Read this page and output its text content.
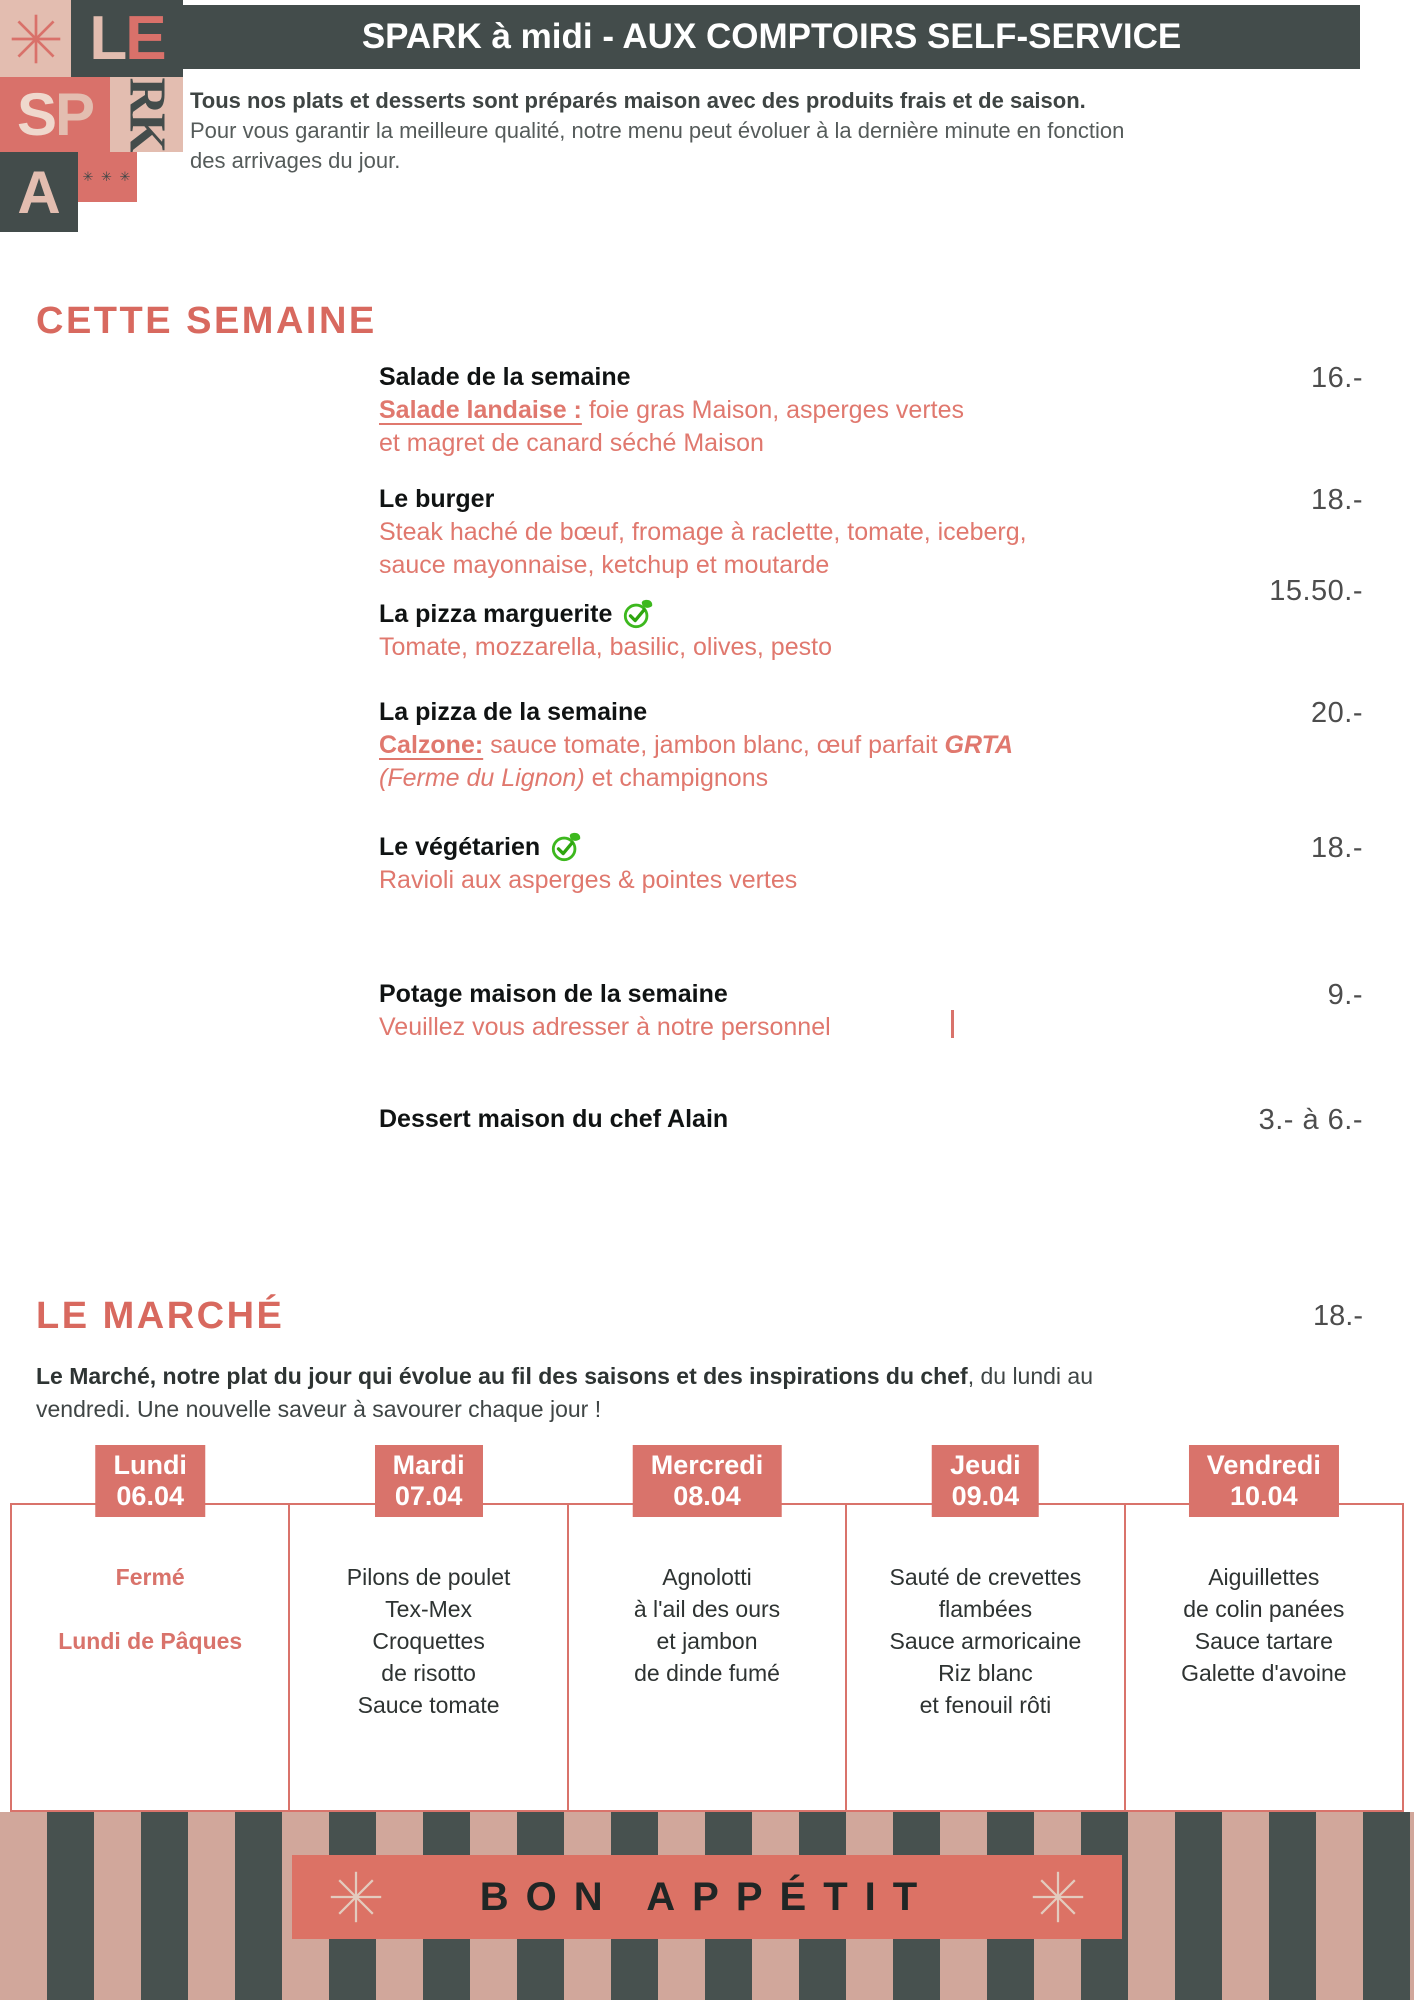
L E
S P RK
A ✳ ✳ ✳
SPARK à midi - AUX COMPTOIRS SELF-SERVICE

Tous nos plats et desserts sont préparés maison avec des produits frais et de saison. Pour vous garantir la meilleure qualité, notre menu peut évoluer à la dernière minute en fonction des arrivages du jour.

CETTE SEMAINE
Salade de la semaine
Salade landaise : foie gras Maison, asperges vertes
et magret de canard séché Maison
16.-
Le burger
Steak haché de bœuf, fromage à raclette, tomate, iceberg,
sauce mayonnaise, ketchup et moutarde
18.-
La pizza marguerite
Tomate, mozzarella, basilic, olives, pesto
15.50.-
La pizza de la semaine
Calzone: sauce tomate, jambon blanc, œuf parfait GRTA
(Ferme du Lignon) et champignons
20.-
Le végétarien
Ravioli aux asperges & pointes vertes
18.-
Potage maison de la semaine
Veuillez vous adresser à notre personnel
9.-
Dessert maison du chef Alain	3.- à 6.-
LE MARCHÉ	18.-

Le Marché, notre plat du jour qui évolue au fil des saisons et des inspirations du chef, du lundi au vendredi. Une nouvelle saveur à savourer chaque jour !

Lundi
06.04
Fermé
Lundi de Pâques
Mardi
07.04
Pilons de poulet
Tex-Mex
Croquettes
de risotto
Sauce tomate
Mercredi
08.04
Agnolotti
à l'ail des ours
et jambon
de dinde fumé
Jeudi
09.04
Sauté de crevettes
flambées
Sauce armoricaine
Riz blanc
et fenouil rôti
Vendredi
10.04
Aiguillettes
de colin panées
Sauce tartare
Galette d'avoine
BON APPÉTIT
